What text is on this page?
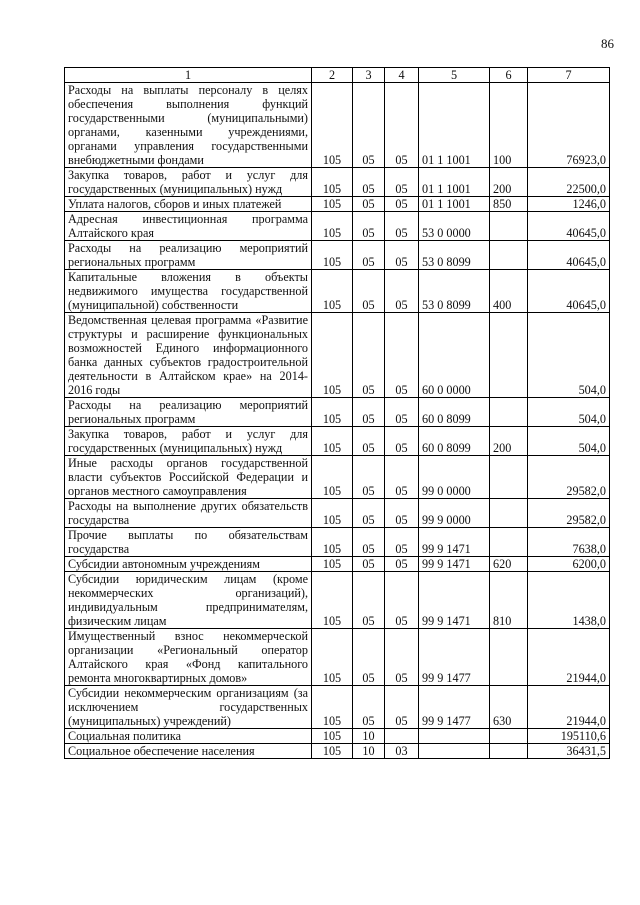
86
1	2	3	4	5	6	7
Расходы на выплаты персоналу в целях обеспечения выполнения функций государственными (муниципальными) органами, казенными учреждениями, органами управления государственными внебюджетными фондами	105	05	05	01 1 1001	100	76923,0
Закупка товаров, работ и услуг для государственных (муниципальных) нужд	105	05	05	01 1 1001	200	22500,0
Уплата налогов, сборов и иных платежей	105	05	05	01 1 1001	850	1246,0
Адресная инвестиционная программа Алтайского края	105	05	05	53 0 0000		40645,0
Расходы на реализацию мероприятий региональных программ	105	05	05	53 0 8099		40645,0
Капитальные вложения в объекты недвижимого имущества государственной (муниципальной) собственности	105	05	05	53 0 8099	400	40645,0
Ведомственная целевая программа «Развитие структуры и расширение функциональных возможностей Единого информационного банка данных субъектов градостроительной деятельности в Алтайском крае» на 2014-2016 годы	105	05	05	60 0 0000		504,0
Расходы на реализацию мероприятий региональных программ	105	05	05	60 0 8099		504,0
Закупка товаров, работ и услуг для государственных (муниципальных) нужд	105	05	05	60 0 8099	200	504,0
Иные расходы органов государственной власти субъектов Российской Федерации и органов местного самоуправления	105	05	05	99 0 0000		29582,0
Расходы на выполнение других обязательств государства	105	05	05	99 9 0000		29582,0
Прочие выплаты по обязательствам государства	105	05	05	99 9 1471		7638,0
Субсидии автономным учреждениям	105	05	05	99 9 1471	620	6200,0
Субсидии юридическим лицам (кроме некоммерческих организаций), индивидуальным предпринимателям, физическим лицам	105	05	05	99 9 1471	810	1438,0
Имущественный взнос некоммерческой организации «Региональный оператор Алтайского края «Фонд капитального ремонта многоквартирных домов»	105	05	05	99 9 1477		21944,0
Субсидии некоммерческим организациям (за исключением государственных (муниципальных) учреждений)	105	05	05	99 9 1477	630	21944,0
Социальная политика	105	10				195110,6
Социальное обеспечение населения	105	10	03			36431,5
